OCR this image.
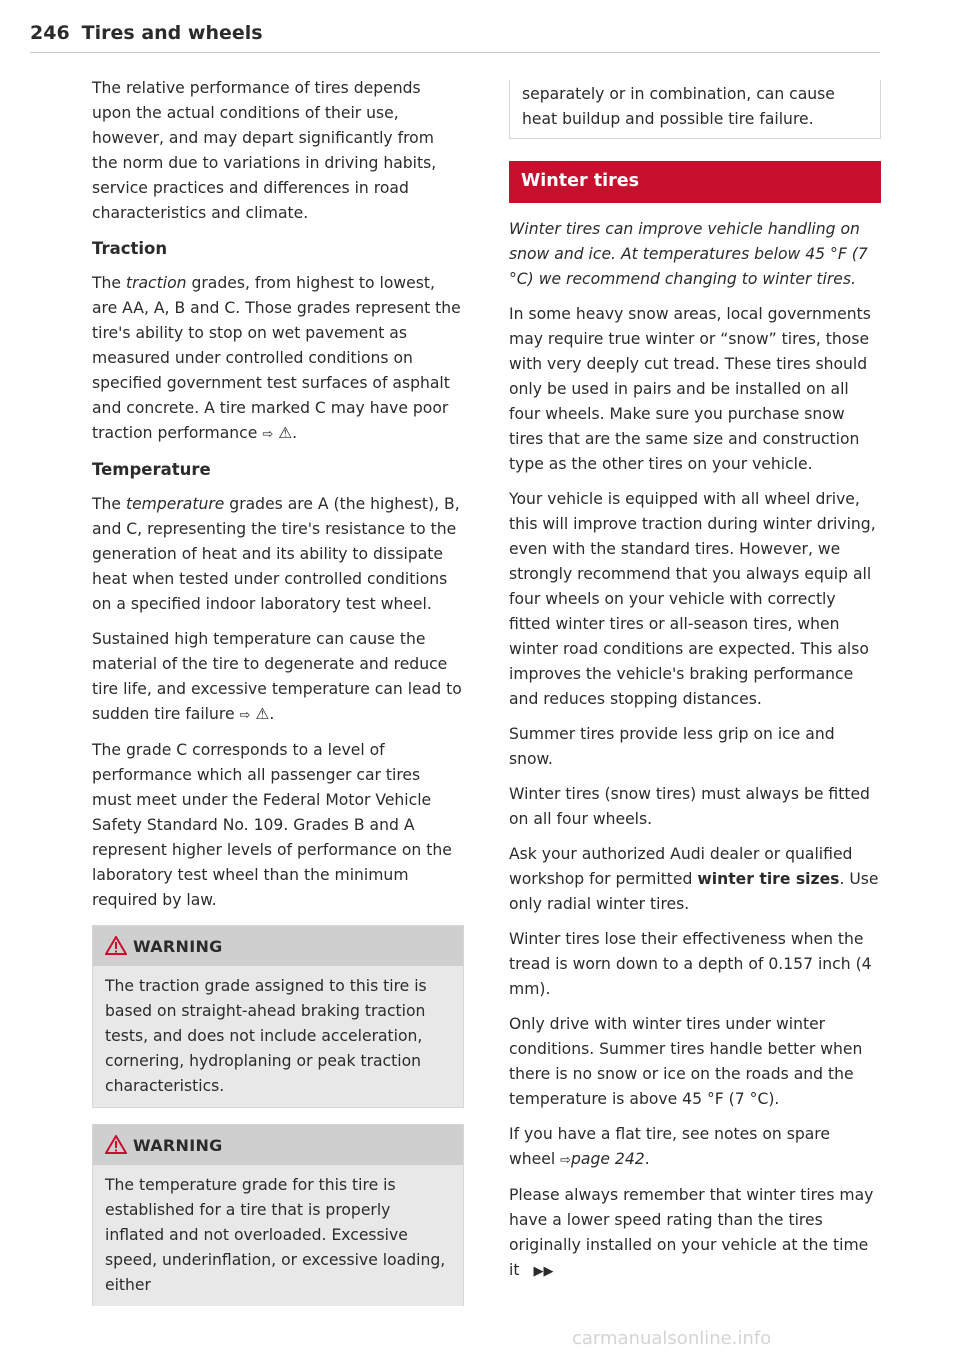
246 Tires and wheels

The relative performance of tires depends upon the actual conditions of their use, however, and may depart significantly from the norm due to variations in driving habits, service practices and differences in road characteristics and climate.

Traction

The traction grades, from highest to lowest, are AA, A, B and C. Those grades represent the tire's ability to stop on wet pavement as measured under controlled conditions on specified government test surfaces of asphalt and concrete. A tire marked C may have poor traction performance ⇨ ⚠.

Temperature

The temperature grades are A (the highest), B, and C, representing the tire's resistance to the generation of heat and its ability to dissipate heat when tested under controlled conditions on a specified indoor laboratory test wheel.

Sustained high temperature can cause the material of the tire to degenerate and reduce tire life, and excessive temperature can lead to sudden tire failure ⇨ ⚠.

The grade C corresponds to a level of performance which all passenger car tires must meet under the Federal Motor Vehicle Safety Standard No. 109. Grades B and A represent higher levels of performance on the laboratory test wheel than the minimum required by law.

WARNING
The traction grade assigned to this tire is based on straight-ahead braking traction tests, and does not include acceleration, cornering, hydroplaning or peak traction characteristics.
WARNING
The temperature grade for this tire is established for a tire that is properly inflated and not overloaded. Excessive speed, underinflation, or excessive loading, either
separately or in combination, can cause heat buildup and possible tire failure.
Winter tires

Winter tires can improve vehicle handling on snow and ice. At temperatures below 45 °F (7 °C) we recommend changing to winter tires.

In some heavy snow areas, local governments may require true winter or “snow” tires, those with very deeply cut tread. These tires should only be used in pairs and be installed on all four wheels. Make sure you purchase snow tires that are the same size and construction type as the other tires on your vehicle.

Your vehicle is equipped with all wheel drive, this will improve traction during winter driving, even with the standard tires. However, we strongly recommend that you always equip all four wheels on your vehicle with correctly fitted winter tires or all-season tires, when winter road conditions are expected. This also improves the vehicle's braking performance and reduces stopping distances.

Summer tires provide less grip on ice and snow.

Winter tires (snow tires) must always be fitted on all four wheels.

Ask your authorized Audi dealer or qualified workshop for permitted winter tire sizes. Use only radial winter tires.

Winter tires lose their effectiveness when the tread is worn down to a depth of 0.157 inch (4 mm).

Only drive with winter tires under winter conditions. Summer tires handle better when there is no snow or ice on the roads and the temperature is above 45 °F (7 °C).

If you have a flat tire, see notes on spare wheel ⇨page 242.

Please always remember that winter tires may have a lower speed rating than the tires originally installed on your vehicle at the time it ▶▶

carmanualsonline.info
